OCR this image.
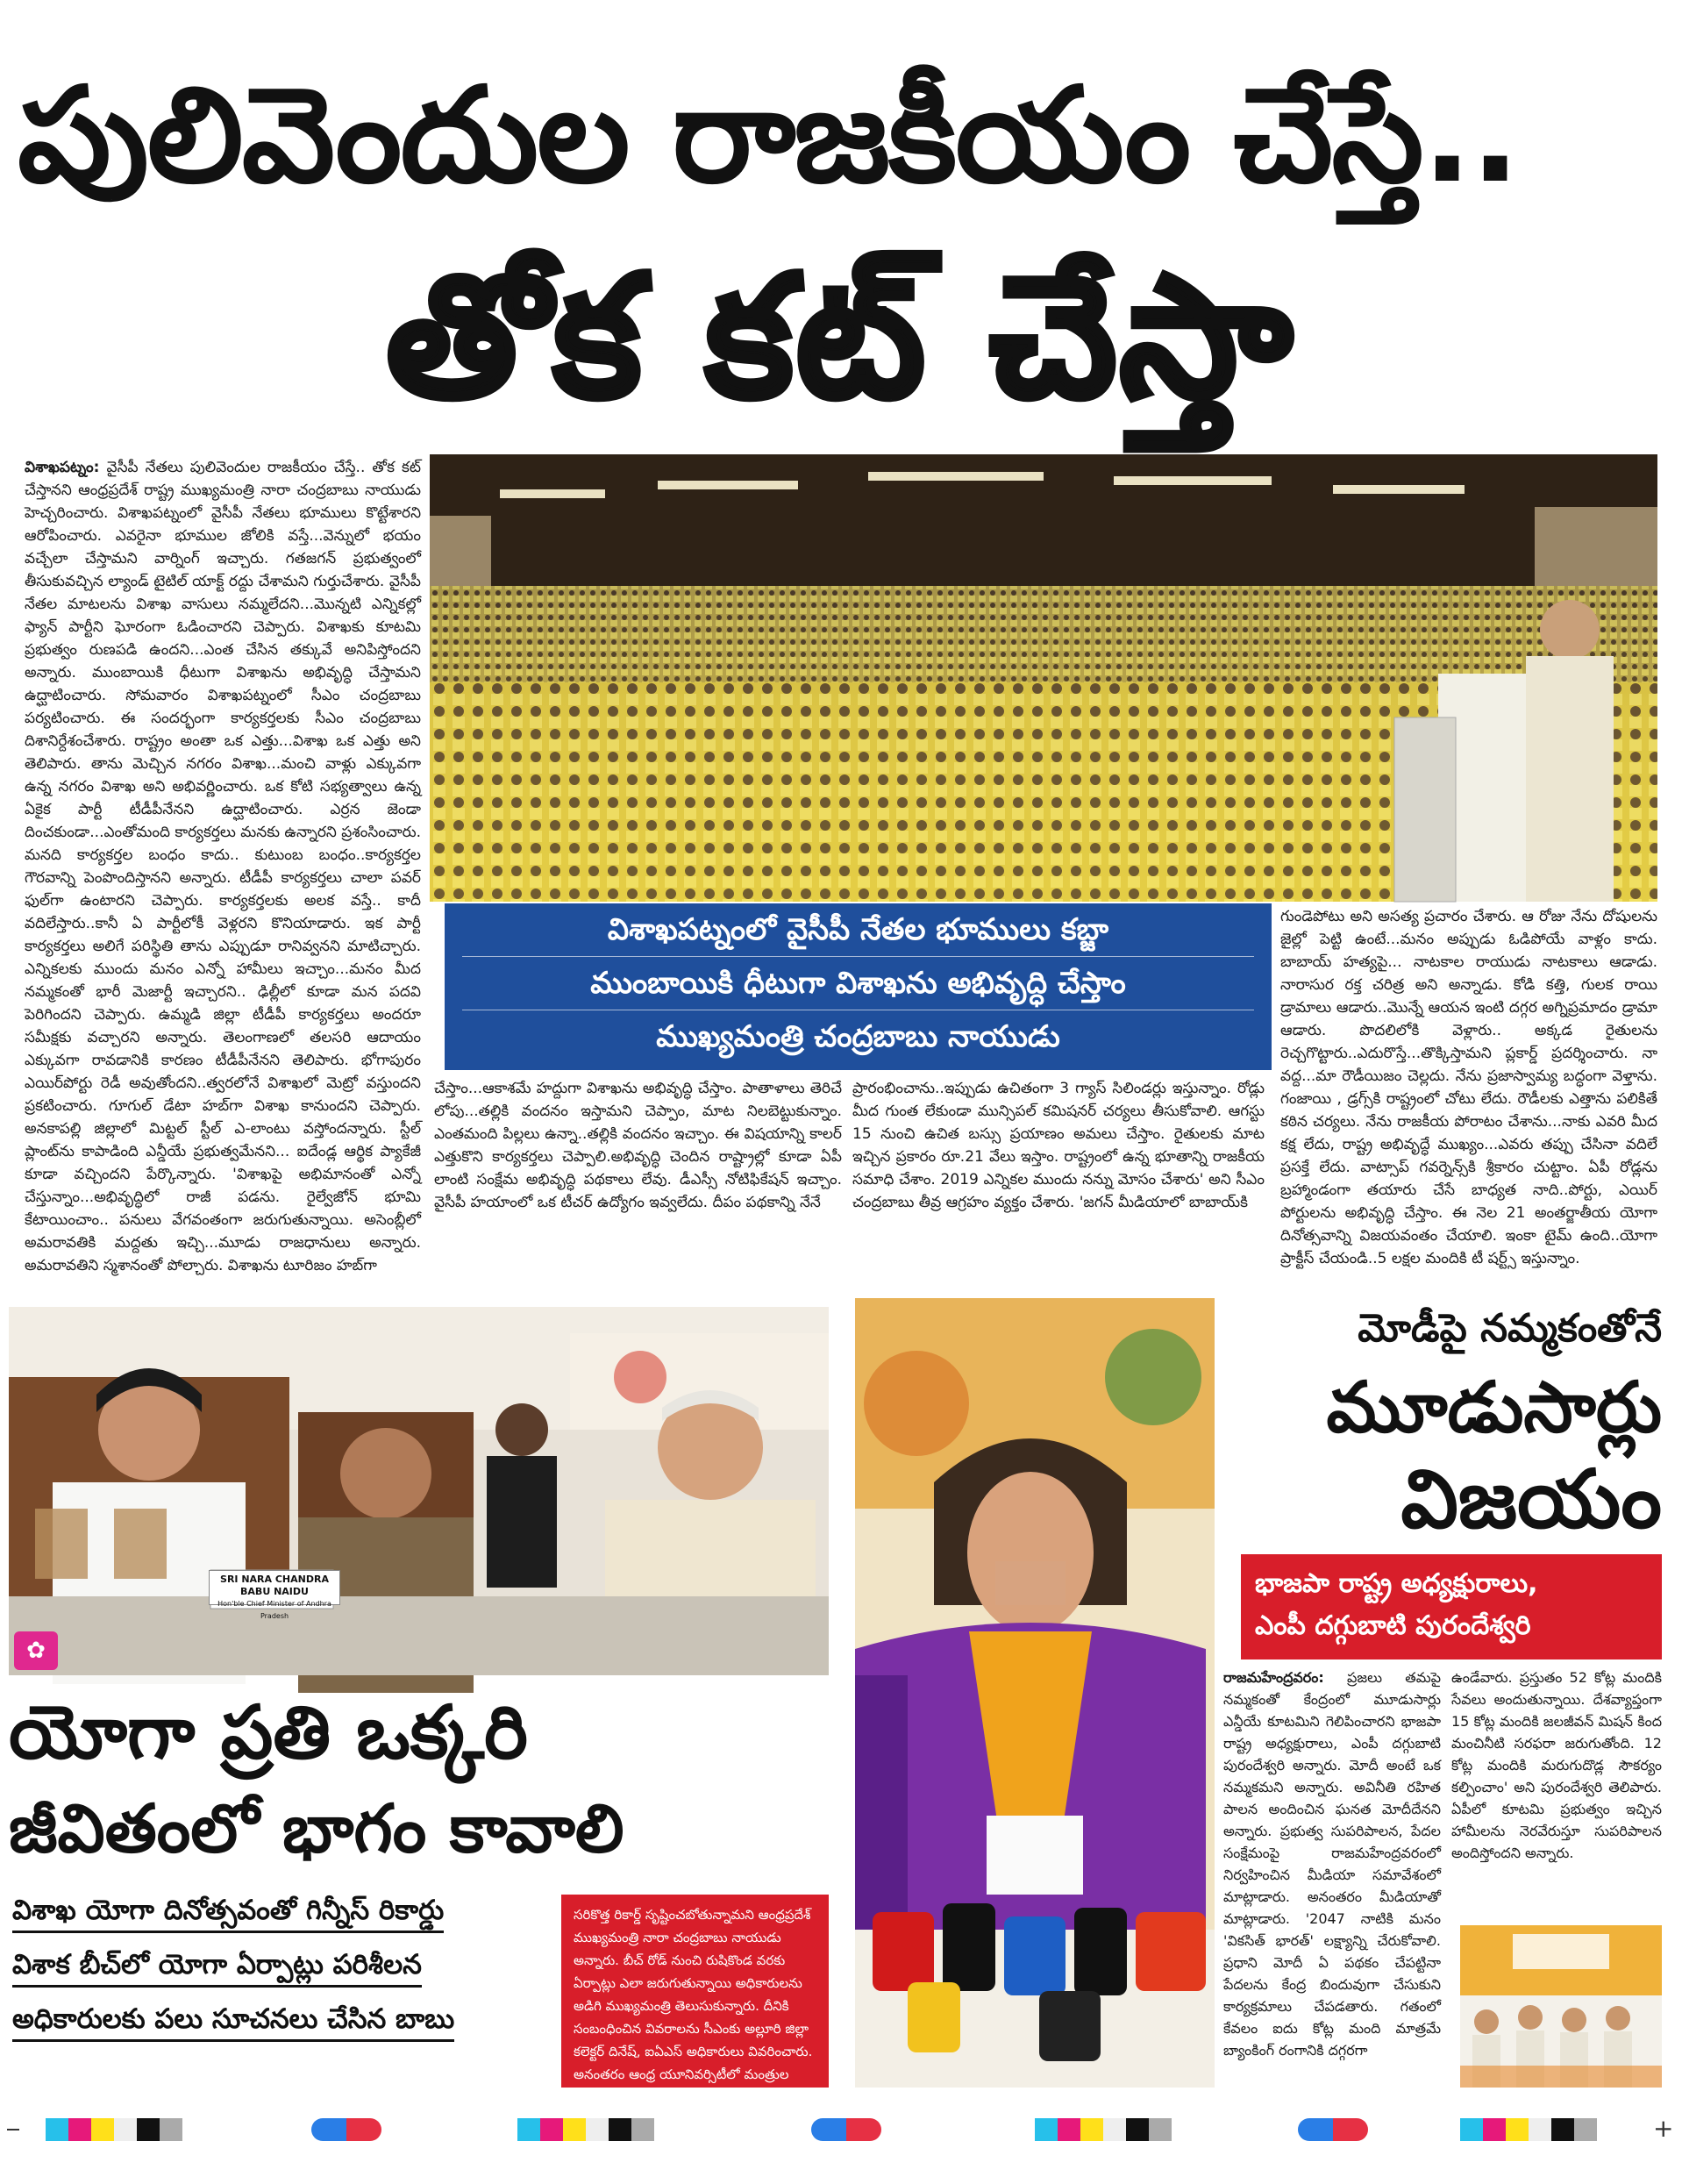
పులివెందుల రాజకీయం చేస్తే..
తోక కట్ చేస్తా
విశాఖపట్నం: వైసీపీ నేతలు పులివెందుల రాజకీయం చేస్తే.. తోక కట్ చేస్తానని ఆంధ్రప్రదేశ్ రాష్ట్ర ముఖ్యమంత్రి నారా చంద్రబాబు నాయుడు హెచ్చరించారు. విశాఖపట్నంలో వైసీపీ నేతలు భూములు కొట్టేశారని ఆరోపించారు. ఎవరైనా భూముల జోలికి వస్తే...వెన్నులో భయం వచ్చేలా చేస్తామని వార్నింగ్ ఇచ్చారు. గతజగన్ ప్రభుత్వంలో తీసుకువచ్చిన ల్యాండ్ టైటిల్ యాక్ట్ రద్దు చేశామని గుర్తుచేశారు. వైసీపీ నేతల మాటలను విశాఖ వాసులు నమ్మలేదని...మొన్నటి ఎన్నికల్లో ఫ్యాన్ పార్టీని ఘోరంగా ఓడించారని చెప్పారు. విశాఖకు కూటమి ప్రభుత్వం రుణపడి ఉందని...ఎంత చేసిన తక్కువే అనిపిస్తోందని అన్నారు. ముంబాయికి ధీటుగా విశాఖను అభివృద్ధి చేస్తామని ఉద్ఘాటించారు. సోమవారం విశాఖపట్నంలో సీఎం చంద్రబాబు పర్యటించారు. ఈ సందర్భంగా కార్యకర్తలకు సీఎం చంద్రబాబు దిశానిర్దేశంచేశారు. రాష్ట్రం అంతా ఒక ఎత్తు...విశాఖ ఒక ఎత్తు అని తెలిపారు. తాను మెచ్చిన నగరం విశాఖ...మంచి వాళ్లు ఎక్కువగా ఉన్న నగరం విశాఖ అని అభివర్ణించారు. ఒక కోటి సభ్యత్వాలు ఉన్న ఏకైక పార్టీ టీడీపీనేనని ఉద్ఘాటించారు. ఎర్రన జెండా దించకుండా...ఎంతోమంది కార్యకర్తలు మనకు ఉన్నారని ప్రశంసించారు. మనది కార్యకర్తల బంధం కాదు.. కుటుంబ బంధం..కార్యకర్తల గౌరవాన్ని పెంపొందిస్తానని అన్నారు. టీడీపీ కార్యకర్తలు చాలా పవర్ ఫుల్‌గా ఉంటారని చెప్పారు. కార్యకర్తలకు అలక వస్తే.. కాదీ వదిలేస్తారు..కానీ ఏ పార్టీలోకీ వెళ్లరని కొనియాడారు. ఇక పార్టీ కార్యకర్తలు అలిగే పరిస్థితి తాను ఎప్పుడూ రానివ్వనని మాటిచ్చారు. ఎన్నికలకు ముందు మనం ఎన్నో హామీలు ఇచ్చాం...మనం మీద నమ్మకంతో భారీ మెజార్టీ ఇచ్చారని.. ఢిల్లీలో కూడా మన పదవి పెరిగిందని చెప్పారు. ఉమ్మడి జిల్లా టీడీపీ కార్యకర్తలు అందరూ సమీక్షకు వచ్చారని అన్నారు. తెలంగాణలో తలసరి ఆదాయం ఎక్కువగా రావడానికి కారణం టీడీపీనేనని తెలిపారు. భోగాపురం ఎయిర్‌పోర్టు రెడీ అవుతోందని..త్వరలోనే విశాఖలో మెట్రో వస్తుందని ప్రకటించారు. గూగుల్ డేటా హబ్‌గా విశాఖ కానుందని చెప్పారు. అనకాపల్లి జిల్లాలో మిట్టల్ స్టీల్ ఎ-లాంటు వస్తోందన్నారు. స్టీల్ ప్లాంట్‌ను కాపాడింది ఎన్డీయే ప్రభుత్వమేనని... ఐదేండ్ల ఆర్థిక ప్యాకేజీ కూడా వచ్చిందని పేర్కొన్నారు. 'విశాఖపై అభిమానంతో ఎన్నో చేస్తున్నాం...అభివృద్ధిలో రాజీ పడను. రైల్వేజోన్ భూమి కేటాయించాం.. పనులు వేగవంతంగా జరుగుతున్నాయి. అసెంబ్లీలో అమరావతికి మద్దతు ఇచ్చి...మూడు రాజధానులు అన్నారు. అమరావతిని స్మశానంతో పోల్చారు. విశాఖను టూరిజం హబ్‌గా
విశాఖపట్నంలో వైసీపీ నేతల భూములు కబ్జా
ముంబాయికి ధీటుగా విశాఖను అభివృద్ధి చేస్తాం
ముఖ్యమంత్రి చంద్రబాబు నాయుడు
చేస్తాం...ఆకాశమే హద్దుగా విశాఖను అభివృద్ధి చేస్తాం. పాతాళాలు తెరిచే లోపు...తల్లికి వందనం ఇస్తామని చెప్పాం, మాట నిలబెట్టుకున్నాం. ఎంతమంది పిల్లలు ఉన్నా..తల్లికి వందనం ఇచ్చాం. ఈ విషయాన్ని కాలర్ ఎత్తుకొని కార్యకర్తలు చెప్పాలి.అభివృద్ధి చెందిన రాష్ట్రాల్లో కూడా ఏపీ లాంటి సంక్షేమ అభివృద్ధి పథకాలు లేవు. డీఎస్సీ నోటిఫికేషన్ ఇచ్చాం. వైసీపీ హయాంలో ఒక టీచర్ ఉద్యోగం ఇవ్వలేదు. దీపం పథకాన్ని నేనే
ప్రారంభించాను..ఇప్పుడు ఉచితంగా 3 గ్యాస్ సిలిండర్లు ఇస్తున్నాం. రోడ్లు మీద గుంత లేకుండా మున్సిపల్ కమిషనర్ చర్యలు తీసుకోవాలి. ఆగస్టు 15 నుంచి ఉచిత బస్సు ప్రయాణం అమలు చేస్తాం. రైతులకు మాట ఇచ్చిన ప్రకారం రూ.21 వేలు ఇస్తాం. రాష్ట్రంలో ఉన్న భూతాన్ని రాజకీయ సమాధి చేశాం. 2019 ఎన్నికల ముందు నన్ను మోసం చేశారు' అని సీఎం చంద్రబాబు తీవ్ర ఆగ్రహం వ్యక్తం చేశారు. 'జగన్ మీడియాలో బాబాయ్‌కి
గుండెపోటు అని అసత్య ప్రచారం చేశారు. ఆ రోజు నేను దోషులను జైల్లో పెట్టి ఉంటే...మనం అప్పుడు ఓడిపోయే వాళ్లం కాదు. బాబాయ్ హత్యపై... నాటకాల రాయుడు నాటకాలు ఆడాడు. నారాసుర రక్త చరిత్ర అని అన్నాడు. కోడి కత్తి, గులక రాయి డ్రామాలు ఆడారు..మొన్నే ఆయన ఇంటి దగ్గర అగ్నిప్రమాదం డ్రామా ఆడారు. పొదలిలోకి వెళ్లారు.. అక్కడ రైతులను రెచ్చగొట్టారు..ఎదురొస్తే...తొక్కిస్తామని ప్లకార్డ్ ప్రదర్శించారు. నా వద్ద...మా రౌడీయిజం చెల్లదు. నేను ప్రజాస్వామ్య బద్ధంగా వెళ్తాను. గంజాయి , డ్రగ్స్‌కి రాష్ట్రంలో చోటు లేదు. రౌడీలకు ఎత్తాను పలికితే కఠిన చర్యలు. నేను రాజకీయ పోరాటం చేశాను...నాకు ఎవరి మీద కక్ష లేదు, రాష్ట్ర అభివృద్ధే ముఖ్యం...ఎవరు తప్పు చేసినా వదిలే ప్రసక్తే లేదు. వాట్సాప్ గవర్నెన్స్‌కి శ్రీకారం చుట్టాం. ఏపీ రోడ్లను బ్రహ్మాండంగా తయారు చేసే బాధ్యత నాది..పోర్టు, ఎయిర్ పోర్టులను అభివృద్ధి చేస్తాం. ఈ నెల 21 అంతర్జాతీయ యోగా దినోత్సవాన్ని విజయవంతం చేయాలి. ఇంకా టైమ్ ఉంది..యోగా ప్రాక్టీస్ చేయండి..5 లక్షల మందికి టీ షర్ట్స్ ఇస్తున్నాం.
SRI NARA CHANDRA BABU NAIDU
Hon'ble Chief Minister of Andhra Pradesh
✿
యోగా ప్రతి ఒక్కరి
జీవితంలో భాగం కావాలి
విశాఖ యోగా దినోత్సవంతో గిన్నీస్ రికార్డు
విశాక బీచ్‌లో యోగా ఏర్పాట్లు పరిశీలన
అధికారులకు పలు సూచనలు చేసిన బాబు
సరికొత్త రికార్డ్ సృష్టించబోతున్నామని ఆంధ్రప్రదేశ్ ముఖ్యమంత్రి నారా చంద్రబాబు నాయుడు అన్నారు. బీచ్ రోడ్ నుంచి రుషికొండ వరకు ఏర్పాట్లు ఎలా జరుగుతున్నాయి అధికారులను అడిగి ముఖ్యమంత్రి తెలుసుకున్నారు. దీనికి సంబంధించిన వివరాలను సీఎంకు అల్లూరి జిల్లా కలెక్టర్ దినేష్, ఐఏఎస్ అధికారులు వివరించారు. అనంతరం ఆంధ్ర యూనివర్సిటీలో మంత్రుల కమిటీ, అధికారులతో ముఖ్యమంత్రి సమీక్షా
మోడీపై నమ్మకంతోనే
మూడుసార్లు
విజయం
భాజపా రాష్ట్ర అధ్యక్షురాలు,
ఎంపీ దగ్గుబాటి పురందేశ్వరి
రాజమహేంద్రవరం: ప్రజలు తమపై నమ్మకంతో కేంద్రంలో మూడుసార్లు ఎన్డీయే కూటమిని గెలిపించారని భాజపా రాష్ట్ర అధ్యక్షురాలు, ఎంపీ దగ్గుబాటి పురందేశ్వరి అన్నారు. మోదీ అంటే ఒక నమ్మకమని అన్నారు. అవినీతి రహిత పాలన అందించిన ఘనత మోదీదేనని అన్నారు. ప్రభుత్వ సుపరిపాలన, పేదల సంక్షేమంపై రాజమహేంద్రవరంలో నిర్వహించిన మీడియా సమావేశంలో మాట్లాడారు. అనంతరం మీడియాతో మాట్లాడారు. '2047 నాటికి మనం 'వికసిత్ భారత్' లక్ష్యాన్ని చేరుకోవాలి. ప్రధాని మోదీ ఏ పథకం చేపట్టినా పేదలను కేంద్ర బిందువుగా చేసుకుని కార్యక్రమాలు చేపడతారు. గతంలో కేవలం ఐదు కోట్ల మంది మాత్రమే బ్యాంకింగ్ రంగానికి దగ్గరగా
ఉండేవారు. ప్రస్తుతం 52 కోట్ల మందికి సేవలు అందుతున్నాయి. దేశవ్యాప్తంగా 15 కోట్ల మందికి జలజీవన్ మిషన్ కింద మంచినీటి సరఫరా జరుగుతోంది. 12 కోట్ల మందికి మరుగుదొడ్ల సౌకర్యం కల్పించాం' అని పురందేశ్వరి తెలిపారు. ఏపీలో కూటమి ప్రభుత్వం ఇచ్చిన హామీలను నెరవేరుస్తూ సుపరిపాలన అందిస్తోందని అన్నారు.
+
